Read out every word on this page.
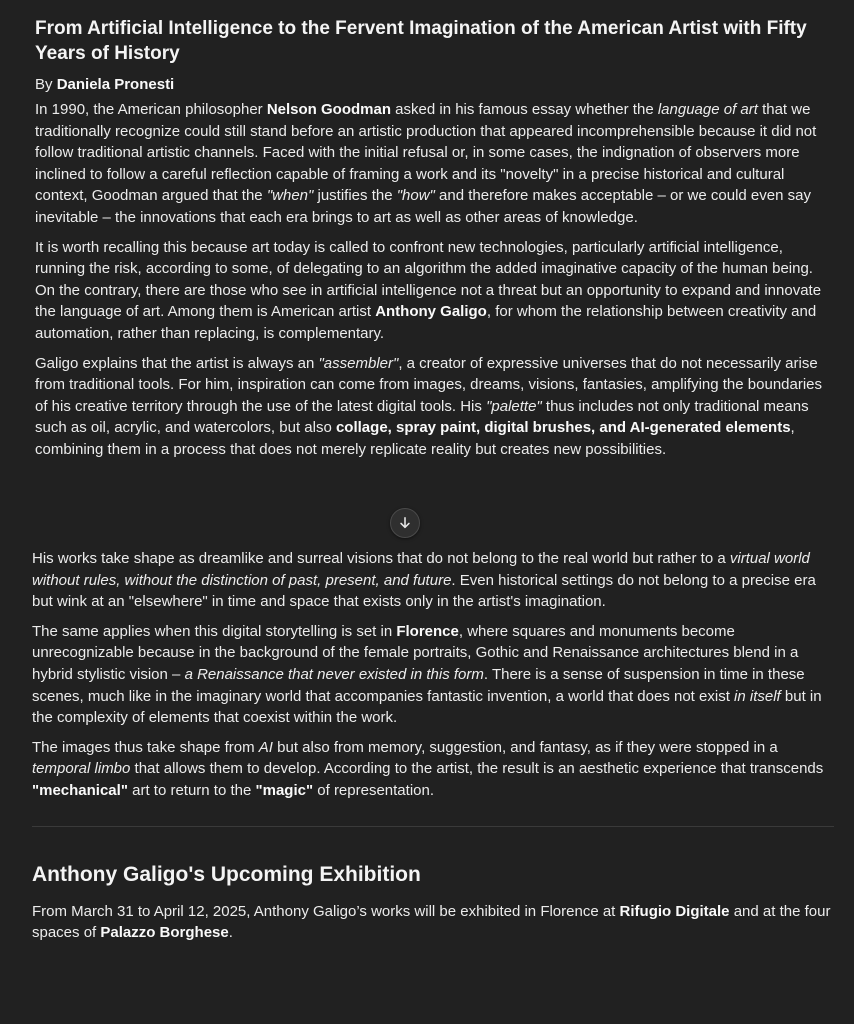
From Artificial Intelligence to the Fervent Imagination of the American Artist with Fifty Years of History
By Daniela Pronesti

In 1990, the American philosopher Nelson Goodman asked in his famous essay whether the language of art that we traditionally recognize could still stand before an artistic production that appeared incomprehensible because it did not follow traditional artistic channels. Faced with the initial refusal or, in some cases, the indignation of observers more inclined to follow a careful reflection capable of framing a work and its "novelty" in a precise historical and cultural context, Goodman argued that the "when" justifies the "how" and therefore makes acceptable – or we could even say inevitable – the innovations that each era brings to art as well as other areas of knowledge.

It is worth recalling this because art today is called to confront new technologies, particularly artificial intelligence, running the risk, according to some, of delegating to an algorithm the added imaginative capacity of the human being. On the contrary, there are those who see in artificial intelligence not a threat but an opportunity to expand and innovate the language of art. Among them is American artist Anthony Galigo, for whom the relationship between creativity and automation, rather than replacing, is complementary.

Galigo explains that the artist is always an "assembler", a creator of expressive universes that do not necessarily arise from traditional tools. For him, inspiration can come from images, dreams, visions, fantasies, amplifying the boundaries of his creative territory through the use of the latest digital tools. His "palette" thus includes not only traditional means such as oil, acrylic, and watercolors, but also collage, spray paint, digital brushes, and AI-generated elements, combining them in a process that does not merely replicate reality but creates new possibilities.

His works take shape as dreamlike and surreal visions that do not belong to the real world but rather to a virtual world without rules, without the distinction of past, present, and future. Even historical settings do not belong to a precise era but wink at an "elsewhere" in time and space that exists only in the artist's imagination.

The same applies when this digital storytelling is set in Florence, where squares and monuments become unrecognizable because in the background of the female portraits, Gothic and Renaissance architectures blend in a hybrid stylistic vision – a Renaissance that never existed in this form. There is a sense of suspension in time in these scenes, much like in the imaginary world that accompanies fantastic invention, a world that does not exist in itself but in the complexity of elements that coexist within the work.

The images thus take shape from AI but also from memory, suggestion, and fantasy, as if they were stopped in a temporal limbo that allows them to develop. According to the artist, the result is an aesthetic experience that transcends "mechanical" art to return to the "magic" of representation.

Anthony Galigo's Upcoming Exhibition

From March 31 to April 12, 2025, Anthony Galigo’s works will be exhibited in Florence at Rifugio Digitale and at the four spaces of Palazzo Borghese.
